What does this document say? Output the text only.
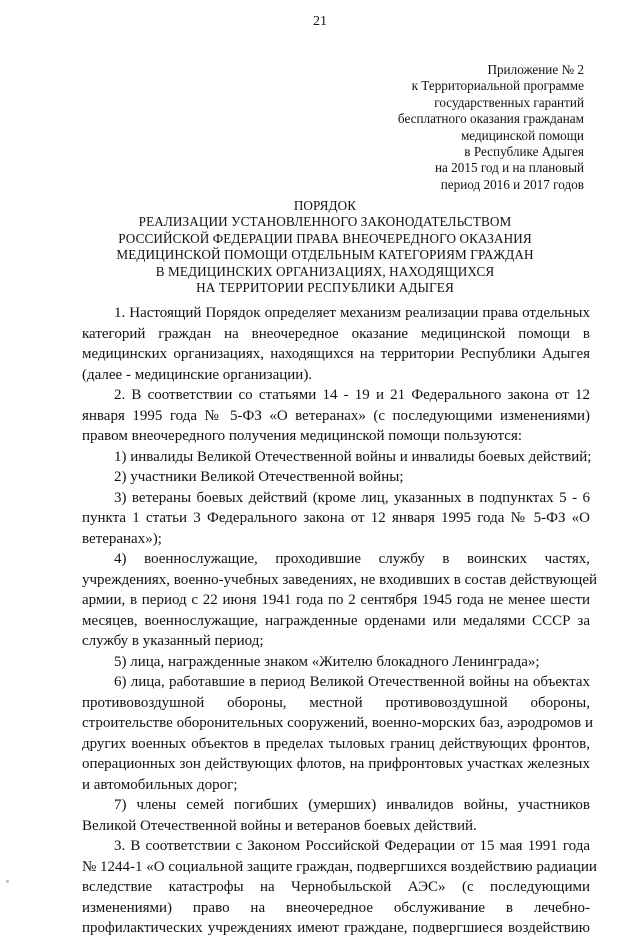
21
Приложение № 2
к Территориальной программе
государственных гарантий
бесплатного оказания гражданам
медицинской помощи
в Республике Адыгея
на 2015 год и на плановый
период 2016 и 2017 годов
ПОРЯДОК
РЕАЛИЗАЦИИ УСТАНОВЛЕННОГО ЗАКОНОДАТЕЛЬСТВОМ
РОССИЙСКОЙ ФЕДЕРАЦИИ ПРАВА ВНЕОЧЕРЕДНОГО ОКАЗАНИЯ
МЕДИЦИНСКОЙ ПОМОЩИ ОТДЕЛЬНЫМ КАТЕГОРИЯМ ГРАЖДАН
В МЕДИЦИНСКИХ ОРГАНИЗАЦИЯХ, НАХОДЯЩИХСЯ
НА ТЕРРИТОРИИ РЕСПУБЛИКИ АДЫГЕЯ
1. Настоящий Порядок определяет механизм реализации права отдельных
категорий граждан на внеочередное оказание медицинской помощи в
медицинских организациях, находящихся на территории Республики Адыгея
(далее - медицинские организации).
2. В соответствии со статьями 14 - 19 и 21 Федерального закона от 12
января 1995 года № 5-ФЗ «О ветеранах» (с последующими изменениями)
правом внеочередного получения медицинской помощи пользуются:
1) инвалиды Великой Отечественной войны и инвалиды боевых действий;
2) участники Великой Отечественной войны;
3) ветераны боевых действий (кроме лиц, указанных в подпунктах 5 - 6
пункта 1 статьи 3 Федерального закона от 12 января 1995 года № 5-ФЗ «О
ветеранах»);
4) военнослужащие, проходившие службу в воинских частях,
учреждениях, военно-учебных заведениях, не входивших в состав действующей
армии, в период с 22 июня 1941 года по 2 сентября 1945 года не менее шести
месяцев, военнослужащие, награжденные орденами или медалями СССР за
службу в указанный период;
5) лица, награжденные знаком «Жителю блокадного Ленинграда»;
6) лица, работавшие в период Великой Отечественной войны на объектах
противовоздушной обороны, местной противовоздушной обороны,
строительстве оборонительных сооружений, военно-морских баз, аэродромов и
других военных объектов в пределах тыловых границ действующих фронтов,
операционных зон действующих флотов, на прифронтовых участках железных
и автомобильных дорог;
7) члены семей погибших (умерших) инвалидов войны, участников
Великой Отечественной войны и ветеранов боевых действий.
3. В соответствии с Законом Российской Федерации от 15 мая 1991 года
№ 1244-1 «О социальной защите граждан, подвергшихся воздействию радиации
вследствие катастрофы на Чернобыльской АЭС» (с последующими
изменениями) право на внеочередное обслуживание в лечебно-
профилактических учреждениях имеют граждане, подвергшиеся воздействию
